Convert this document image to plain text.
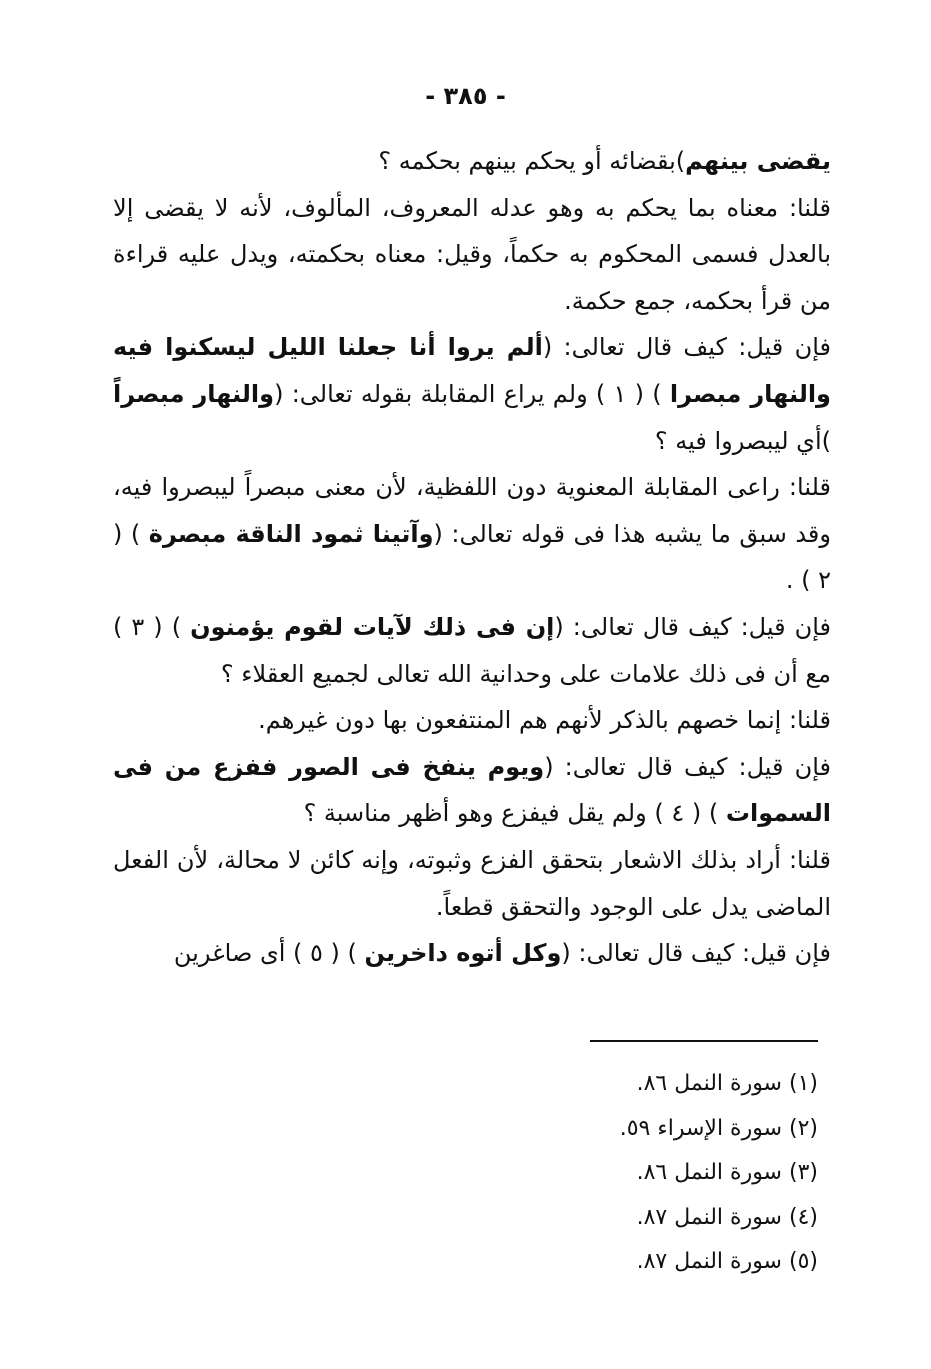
- ٣٨٥ -

يقضى بينهم)بقضائه أو يحكم بينهم بحكمه ؟

قلنا: معناه بما يحكم به وهو عدله المعروف، المألوف، لأنه لا يقضى إلا بالعدل فسمى المحكوم به حكماً، وقيل: معناه بحكمته، ويدل عليه قراءة من قرأ بحكمه، جمع حكمة.

فإن قيل: كيف قال تعالى: (ألم يروا أنا جعلنا الليل ليسكنوا فيه والنهار مبصرا ) ( ١ ) ولم يراع المقابلة بقوله تعالى: (والنهار مبصراً )أي ليبصروا فيه ؟

قلنا: راعى المقابلة المعنوية دون اللفظية، لأن معنى مبصراً ليبصروا فيه، وقد سبق ما يشبه هذا فى قوله تعالى: (وآتينا ثمود الناقة مبصرة ) ( ٢ ) .

فإن قيل: كيف قال تعالى: (إن فى ذلك لآيات لقوم يؤمنون ) ( ٣ ) مع أن فى ذلك علامات على وحدانية الله تعالى لجميع العقلاء ؟

قلنا: إنما خصهم بالذكر لأنهم هم المنتفعون بها دون غيرهم.

فإن قيل: كيف قال تعالى: (ويوم ينفخ فى الصور ففزع من فى السموات ) ( ٤ ) ولم يقل فيفزع وهو أظهر مناسبة ؟

قلنا: أراد بذلك الاشعار بتحقق الفزع وثبوته، وإنه كائن لا محالة، لأن الفعل الماضى يدل على الوجود والتحقق قطعاً.

فإن قيل: كيف قال تعالى: (وكل أتوه داخرين ) ( ٥ ) أى صاغرين

(١) سورة النمل ٨٦.
(٢) سورة الإسراء ٥٩.
(٣) سورة النمل ٨٦.
(٤) سورة النمل ٨٧.
(٥) سورة النمل ٨٧.
